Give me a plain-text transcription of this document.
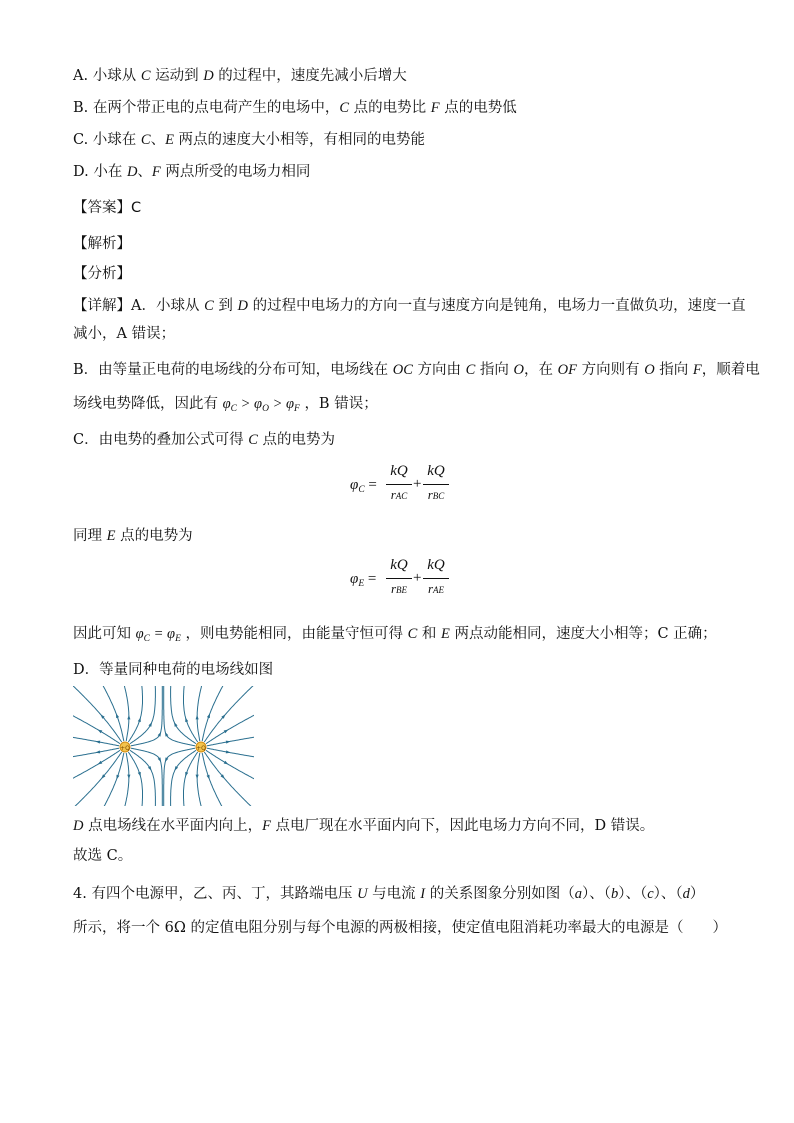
A. 小球从 C 运动到 D 的过程中，速度先减小后增大
B. 在两个带正电的点电荷产生的电场中，C 点的电势比 F 点的电势低
C. 小球在 C、E 两点的速度大小相等，有相同的电势能
D. 小在 D、F 两点所受的电场力相同
【答案】C
【解析】
【分析】
【详解】A．小球从 C 到 D 的过程中电场力的方向一直与速度方向是钝角，电场力一直做负功，速度一直
减小，A 错误；
B．由等量正电荷的电场线的分布可知，电场线在 OC 方向由 C 指向 O，在 OF 方向则有 O 指向 F，顺着电
场线电势降低，因此有 $\varphi_C > \varphi_O > \varphi_F$ ，B 错误；
C．由电势的叠加公式可得 C 点的电势为
$\varphi_C$ =
kQ
rAC
+
kQ
rBC
同理 E 点的电势为
$\varphi_E$ =
kQ
rBE
+
kQ
rAE
因此可知 $\varphi_C = \varphi_E$ ，则电势能相同，由能量守恒可得 C 和 E 两点动能相同，速度大小相等；C 正确；
D．等量同种电荷的电场线如图
+Q	+Q
D 点电场线在水平面内向上，F 点电厂现在水平面内向下，因此电场力方向不同，D 错误。
故选 C。
4. 有四个电源甲，乙、丙、丁，其路端电压 U 与电流 I 的关系图象分别如图（a）、（b）、（c）、（d）
所示，将一个 6Ω 的定值电阻分别与每个电源的两极相接，使定值电阻消耗功率最大的电源是（　　）
